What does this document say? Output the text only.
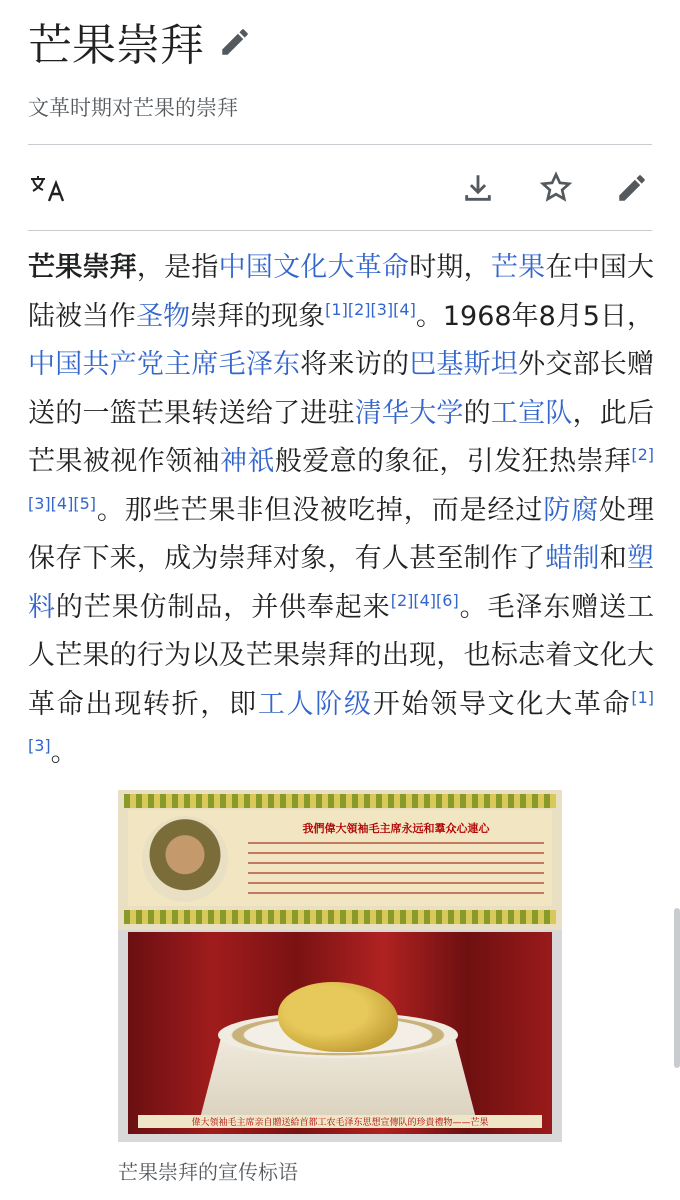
芒果崇拜
文革时期对芒果的崇拜
芒果崇拜，是指中国文化大革命时期，芒果在中国大陆被当作圣物崇拜的现象[1][2][3][4]。1968年8月5日，中国共产党主席毛泽东将来访的巴基斯坦外交部长赠送的一篮芒果转送给了进驻清华大学的工宣队，此后芒果被视作领袖神祇般爱意的象征，引发狂热崇拜[2][3][4][5]。那些芒果非但没被吃掉，而是经过防腐处理保存下来，成为崇拜对象，有人甚至制作了蜡制和塑料的芒果仿制品，并供奉起来[2][4][6]。毛泽东赠送工人芒果的行为以及芒果崇拜的出现，也标志着文化大革命出现转折，即工人阶级开始领导文化大革命[1][3]。
我們偉大領袖毛主席永远和羣众心連心
偉大領袖毛主席亲自贈送給首都工农毛泽东思想宣傳队的珍貴禮物——芒果
芒果崇拜的宣传标语
